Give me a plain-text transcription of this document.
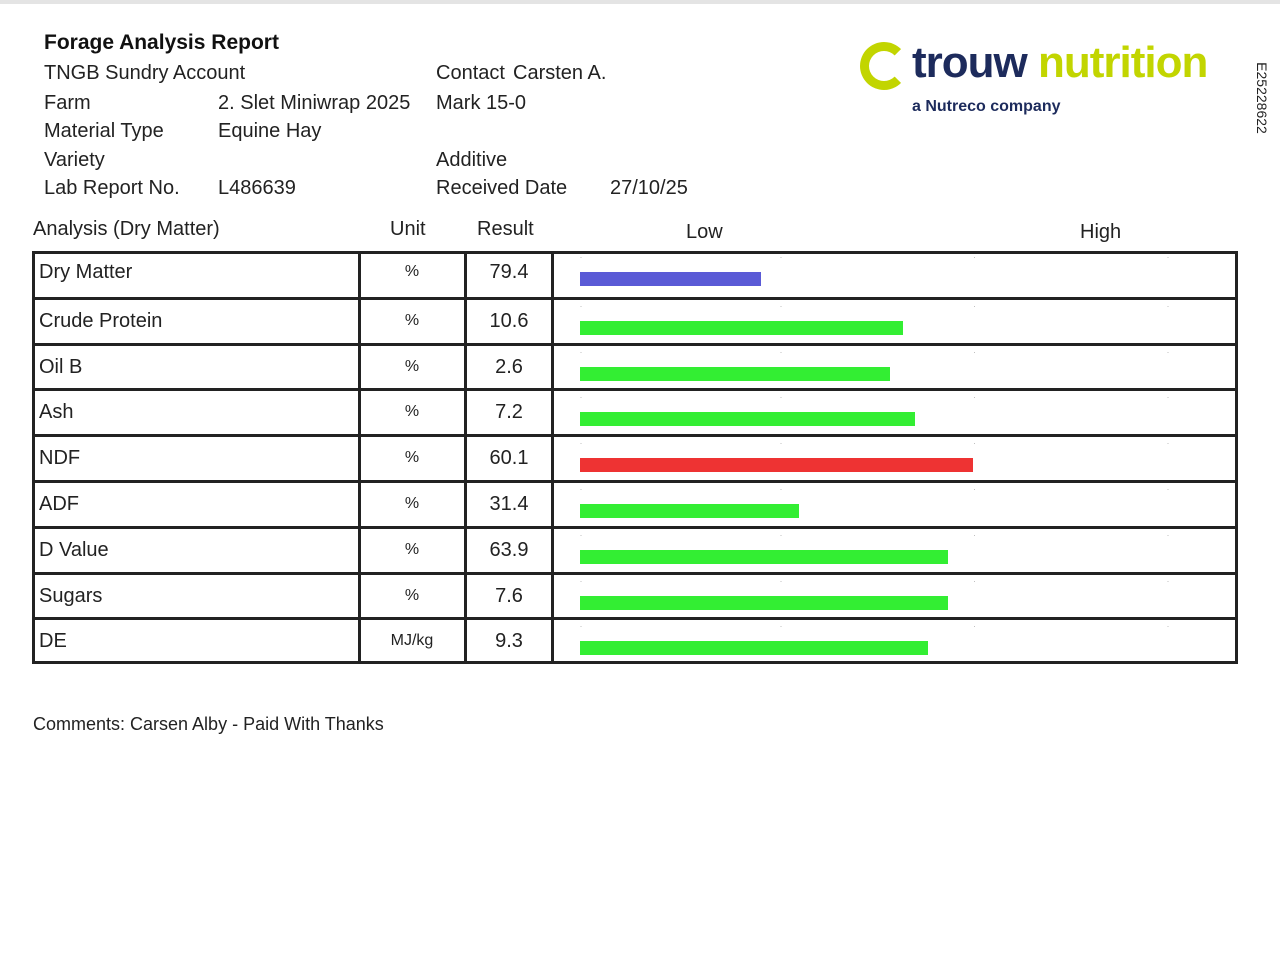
Forage Analysis Report
TNGB Sundry Account	Contact Carsten A.
Farm	2. Slet Miniwrap 2025 Mark 15-0
Material Type	Equine Hay
Variety	Additive
Lab Report No. L486639	Received Date 27/10/25
trouw nutrition
a Nutreco company	E25228622
Analysis (Dry Matter)	Unit	Result	Low	High
Dry Matter	%	79.4
·	·	·	·
Crude Protein	%	10.6
·	·	·	·
Oil B	%	2.6
·	·	·	·
Ash	%	7.2
·	·	·	·
NDF	%	60.1
·	·	·	·
ADF	%	31.4
·	·	·	·
D Value	%	63.9
·	·	·	·
Sugars	%	7.6
·	·	·	·
DE	MJ/kg	9.3
·	·	·	·
Comments: Carsen Alby - Paid With Thanks
